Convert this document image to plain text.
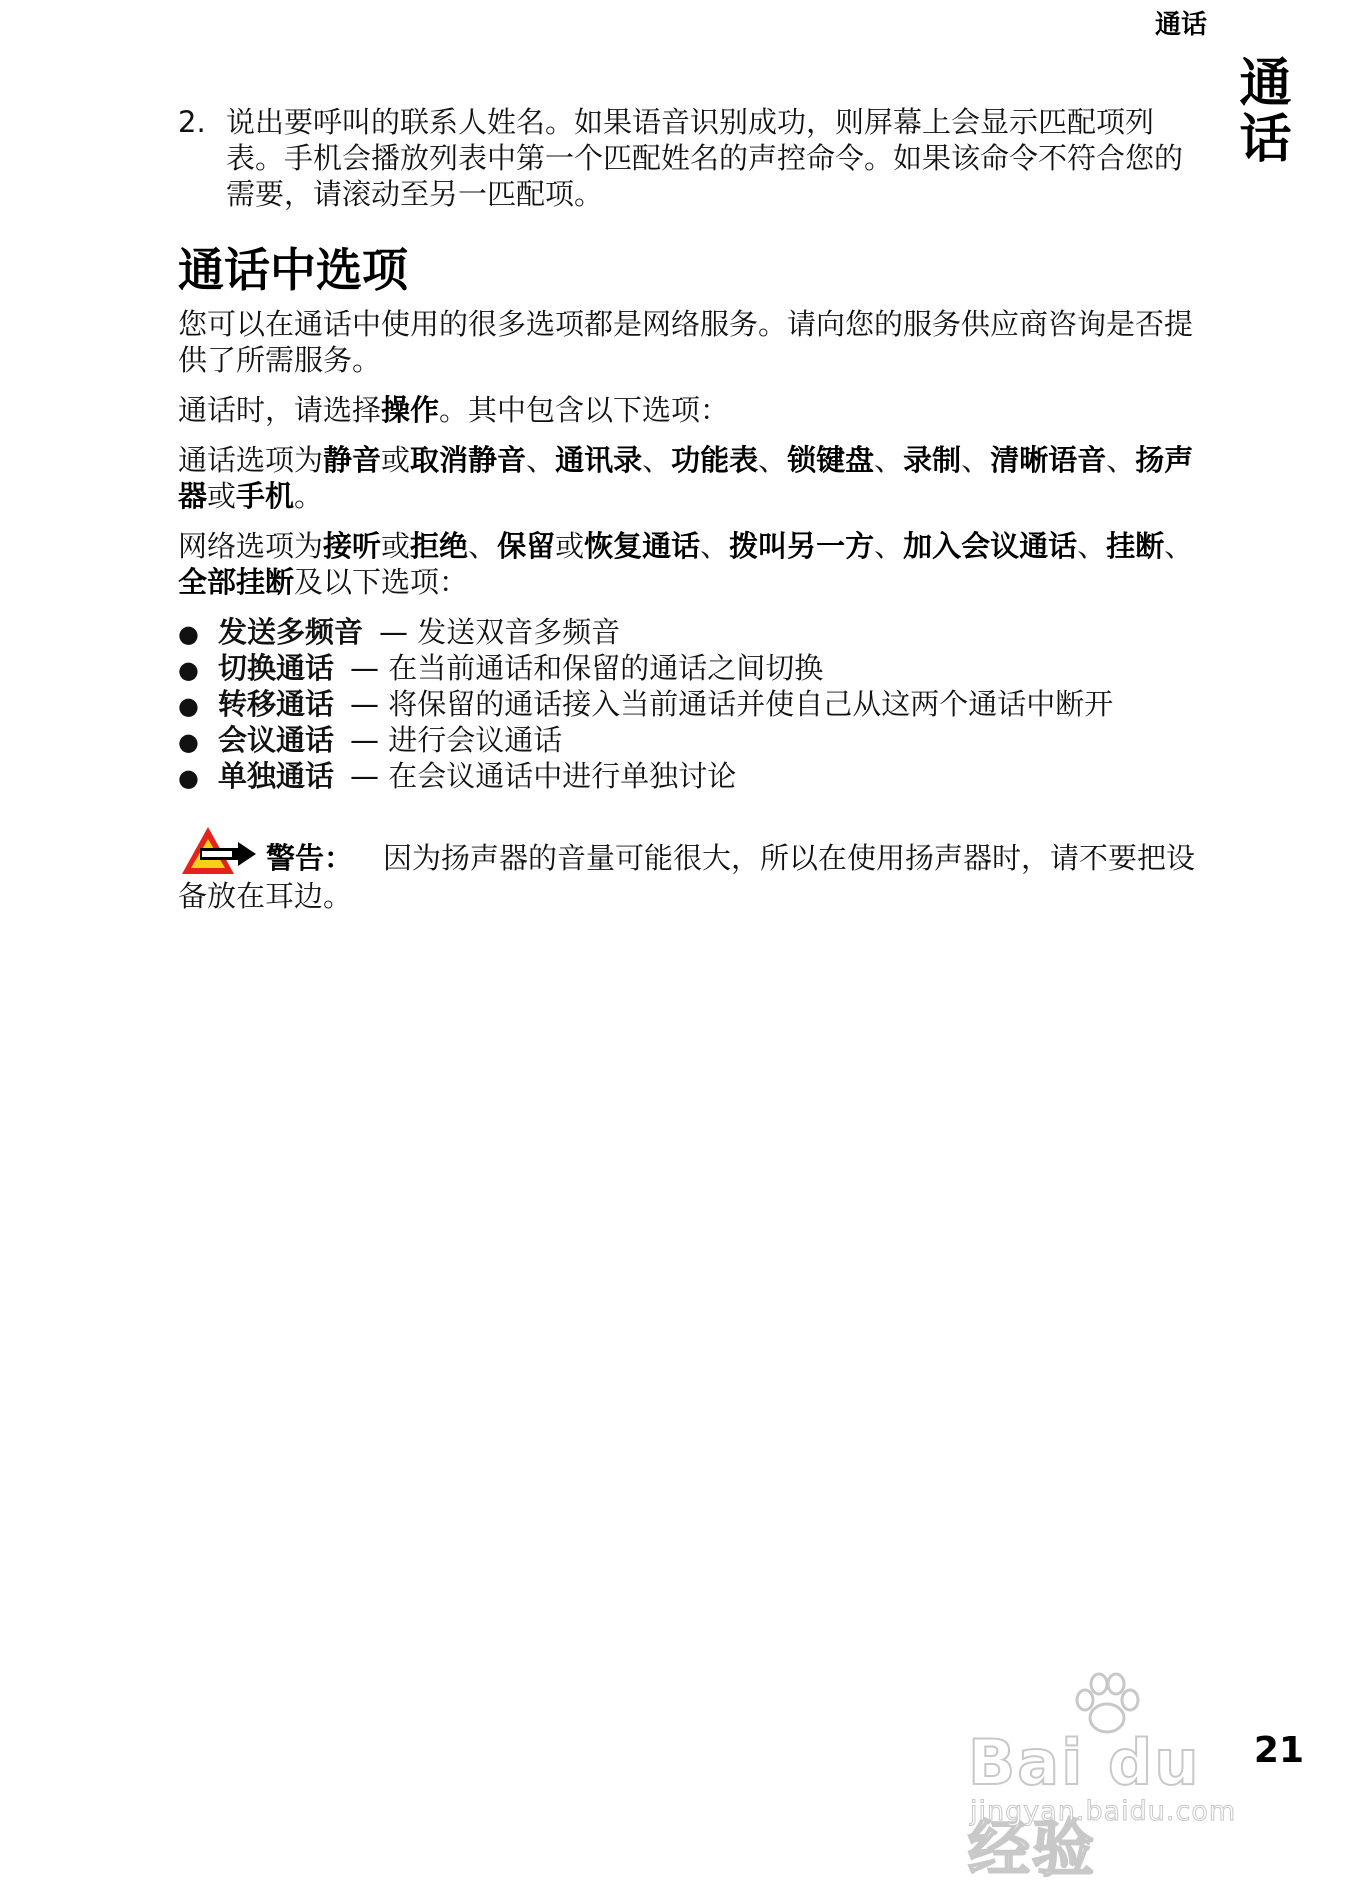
通话
通话
2. 说出要呼叫的联系人姓名。如果语音识别成功，则屏幕上会显示匹配项列表。手机会播放列表中第一个匹配姓名的声控命令。如果该命令不符合您的需要，请滚动至另一匹配项。
通话中选项

您可以在通话中使用的很多选项都是网络服务。请向您的服务供应商咨询是否提供了所需服务。

通话时，请选择操作。其中包含以下选项：

通话选项为静音或取消静音、通讯录、功能表、锁键盘、录制、清晰语音、扬声器或手机。

网络选项为接听或拒绝、保留或恢复通话、拨叫另一方、加入会议通话、挂断、全部挂断及以下选项：

● 发送多频音 — 发送双音多频音
● 切换通话 — 在当前通话和保留的通话之间切换
● 转移通话 — 将保留的通话接入当前通话并使自己从这两个通话中断开
● 会议通话 — 进行会议通话
● 单独通话 — 在会议通话中进行单独讨论

警告： 因为扬声器的音量可能很大，所以在使用扬声器时，请不要把设备放在耳边。

Bai du 经验
jingyan.baidu.com
21
